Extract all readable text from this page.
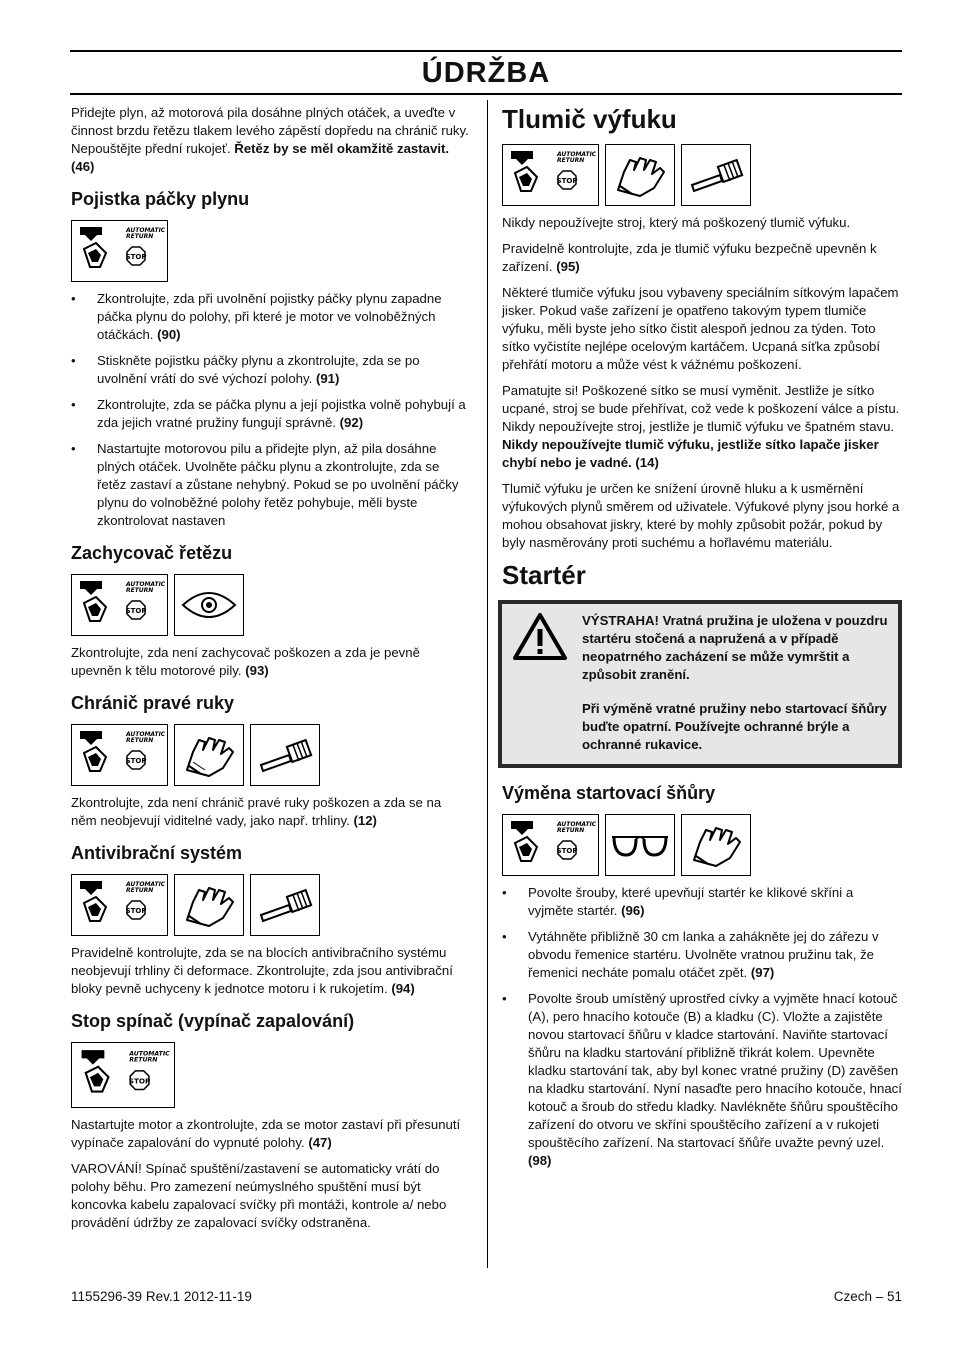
ÚDRŽBA

Přidejte plyn, až motorová pila dosáhne plných otáček, a uveďte v činnost brzdu řetězu tlakem levého zápěstí dopředu na chránič ruky. Nepouštějte přední rukojeť. Řetěz by se měl okamžitě zastavit. (46)

Pojistka páčky plynu
AUTOMATIC
RETURN
STOP
• Zkontrolujte, zda při uvolnění pojistky páčky plynu zapadne páčka plynu do polohy, při které je motor ve volnoběžných otáčkách. (90)
• Stiskněte pojistku páčky plynu a zkontrolujte, zda se po uvolnění vrátí do své výchozí polohy. (91)
• Zkontrolujte, zda se páčka plynu a její pojistka volně pohybují a zda jejich vratné pružiny fungují správně. (92)
• Nastartujte motorovou pilu a přidejte plyn, až pila dosáhne plných otáček. Uvolněte páčku plynu a zkontrolujte, zda se řetěz zastaví a zůstane nehybný. Pokud se po uvolnění páčky plynu do volnoběžné polohy řetěz pohybuje, měli byste zkontrolovat nastaven
Zachycovač řetězu
AUTOMATIC
RETURN
STOP

Zkontrolujte, zda není zachycovač poškozen a zda je pevně upevněn k tělu motorové pily. (93)

Chránič pravé ruky
AUTOMATIC
RETURN
STOP

Zkontrolujte, zda není chránič pravé ruky poškozen a zda se na něm neobjevují viditelné vady, jako např. trhliny. (12)

Antivibrační systém
AUTOMATIC
RETURN
STOP

Pravidelně kontrolujte, zda se na blocích antivibračního systému neobjevují trhliny či deformace. Zkontrolujte, zda jsou antivibrační bloky pevně uchyceny k jednotce motoru i k rukojetím. (94)

Stop spínač (vypínač zapalování)
AUTOMATIC
RETURN
STOP

Nastartujte motor a zkontrolujte, zda se motor zastaví při přesunutí vypínače zapalování do vypnuté polohy. (47)

VAROVÁNÍ! Spínač spuštění/zastavení se automaticky vrátí do polohy běhu. Pro zamezení neúmyslného spuštění musí být koncovka kabelu zapalovací svíčky při montáži, kontrole a/ nebo provádění údržby ze zapalovací svíčky odstraněna.

Tlumič výfuku
AUTOMATIC
RETURN
STOP

Nikdy nepoužívejte stroj, který má poškozený tlumič výfuku.

Pravidelně kontrolujte, zda je tlumič výfuku bezpečně upevněn k zařízení. (95)

Některé tlumiče výfuku jsou vybaveny speciálním sítkovým lapačem jisker. Pokud vaše zařízení je opatřeno takovým typem tlumiče výfuku, měli byste jeho sítko čistit alespoň jednou za týden. Toto sítko vyčistíte nejlépe ocelovým kartáčem. Ucpaná síťka způsobí přehřátí motoru a může vést k vážnému poškození.

Pamatujte si! Poškozené sítko se musí vyměnit. Jestliže je sítko ucpané, stroj se bude přehřívat, což vede k poškození válce a pístu. Nikdy nepoužívejte stroj, jestliže je tlumič výfuku ve špatném stavu. Nikdy nepoužívejte tlumič výfuku, jestliže sítko lapače jisker chybí nebo je vadné. (14)

Tlumič výfuku je určen ke snížení úrovně hluku a k usměrnění výfukových plynů směrem od uživatele. Výfukové plyny jsou horké a mohou obsahovat jiskry, které by mohly způsobit požár, pokud by byly nasměrovány proti suchému a hořlavému materiálu.

Startér

VÝSTRAHA! Vratná pružina je uložena v pouzdru startéru stočená a napružená a v případě neopatrného zacházení se může vymrštit a způsobit zranění.

Při výměně vratné pružiny nebo startovací šňůry buďte opatrní. Používejte ochranné brýle a ochranné rukavice.

Výměna startovací šňůry
AUTOMATIC
RETURN
STOP
• Povolte šrouby, které upevňují startér ke klikové skříni a vyjměte startér. (96)
• Vytáhněte přibližně 30 cm lanka a zahákněte jej do zářezu v obvodu řemenice startéru. Uvolněte vratnou pružinu tak, že řemenici necháte pomalu otáčet zpět. (97)
• Povolte šroub umístěný uprostřed cívky a vyjměte hnací kotouč (A), pero hnacího kotouče (B) a kladku (C). Vložte a zajistěte novou startovací šňůru v kladce startování. Naviňte startovací šňůru na kladku startování přibližně třikrát kolem. Upevněte kladku startování tak, aby byl konec vratné pružiny (D) zavěšen na kladku startování. Nyní nasaďte pero hnacího kotouče, hnací kotouč a šroub do středu kladky. Navlékněte šňůru spouštěcího zařízení do otvoru ve skříni spouštěcího zařízení a v rukojeti spouštěcího zařízení. Na startovací šňůře uvažte pevný uzel. (98)
1155296-39 Rev.1 2012-11-19	Czech – 51
